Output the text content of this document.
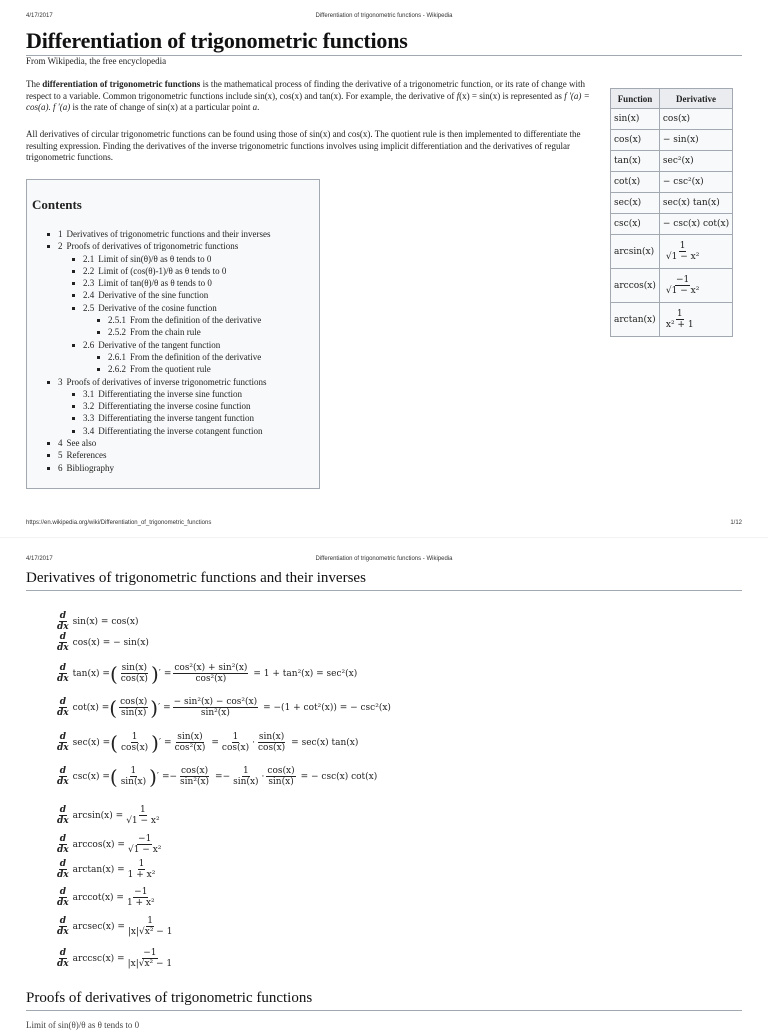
4/17/2017	Differentiation of trigonometric functions - Wikipedia
Differentiation of trigonometric functions
From Wikipedia, the free encyclopedia

The differentiation of trigonometric functions is the mathematical process of finding the derivative of a trigonometric function, or its rate of change with respect to a variable. Common trigonometric functions include sin(x), cos(x) and tan(x). For example, the derivative of f(x) = sin(x) is represented as f ′(a) = cos(a). f ′(a) is the rate of change of sin(x) at a particular point a.

All derivatives of circular trigonometric functions can be found using those of sin(x) and cos(x). The quotient rule is then implemented to differentiate the resulting expression. Finding the derivatives of the inverse trigonometric functions involves using implicit differentiation and the derivatives of regular trigonometric functions.

Contents
1 Derivatives of trigonometric functions and their inverses
2 Proofs of derivatives of trigonometric functions
2.1 Limit of sin(θ)/θ as θ tends to 0
2.2 Limit of (cos(θ)-1)/θ as θ tends to 0
2.3 Limit of tan(θ)/θ as θ tends to 0
2.4 Derivative of the sine function
2.5 Derivative of the cosine function
2.5.1 From the definition of the derivative
2.5.2 From the chain rule
2.6 Derivative of the tangent function
2.6.1 From the definition of the derivative
2.6.2 From the quotient rule
3 Proofs of derivatives of inverse trigonometric functions
3.1 Differentiating the inverse sine function
3.2 Differentiating the inverse cosine function
3.3 Differentiating the inverse tangent function
3.4 Differentiating the inverse cotangent function
4 See also
5 References
6 Bibliography
Function	Derivative
sin(x)	cos(x)
cos(x)	− sin(x)
tan(x)	sec²(x)
cot(x)	− csc²(x)
sec(x)	sec(x) tan(x)
csc(x)	− csc(x) cot(x)
arcsin(x)	$\frac{1}{\text{√1 − x²}}$

arccos(x)	$\frac{-1}{\text{√1 − x²}}$

arctan(x)	$\frac{1}{\text{x² + 1}}$
https://en.wikipedia.org/wiki/Differentiation_of_trigonometric_functions	1/12
4/17/2017	Differentiation of trigonometric functions - Wikipedia
Derivatives of trigonometric functions and their inverses
$\frac{d}{dx} \sin(x) = \cos(x)$
$\frac{d}{dx} \cos(x)$ = − sin(x)
$\frac{d}{dx} \tan(x)$ = ( $\frac{\sin(x)}{\cos(x)}$ ) ′ = $\frac{\text{cos²(x) + sin²(x)}}{\text{cos²(x)}} = 1 + \tan^2(x) = \sec^2(x)$
$\frac{d}{dx} \cot(x)$ = ( $\frac{\cos(x)}{\sin(x)}$ ) ′ = $\frac{\text{− sin²(x) − cos²(x)}}{\text{sin²(x)}} = -(1 + \cot^2(x))$ = − csc²(x)
$\frac{d}{dx} \sec(x)$ = ( $\frac{1}{\cos(x)}$ ) ′ = $\frac{\sin(x)}{\text{cos²(x)}} = \frac{1}{\cos(x)} \cdot \frac{\sin(x)}{\cos(x)} = \sec(x)$ tan(x)
$\frac{d}{dx} \csc(x)$ = ( $\frac{1}{\sin(x)}$ ) ′ =− $\frac{\cos(x)}{\text{sin²(x)}} =- \frac{1}{\sin(x)} \cdot \frac{\cos(x)}{\sin(x)}$ = − csc(x) cot(x)
$\frac{d}{dx} \arcsin(x) = \frac{1}{\text{√1 − x²}}$
$\frac{d}{dx} \arccos(x) = \frac{-1}{\text{√1 − x²}}$
$\frac{d}{dx} \arctan(x) = \frac{1}{\text{1 + x²}}$
$\frac{d}{dx} arccot(x) = \frac{-1}{\text{1 + x²}}$
$\frac{d}{dx} arcsec(x) = \frac{1}{\text{|x|√x² − 1}}$
$\frac{d}{dx} arccsc(x) = \frac{-1}{\text{|x|√x² − 1}}$
Proofs of derivatives of trigonometric functions
Limit of sin(θ)/θ as θ tends to 0
